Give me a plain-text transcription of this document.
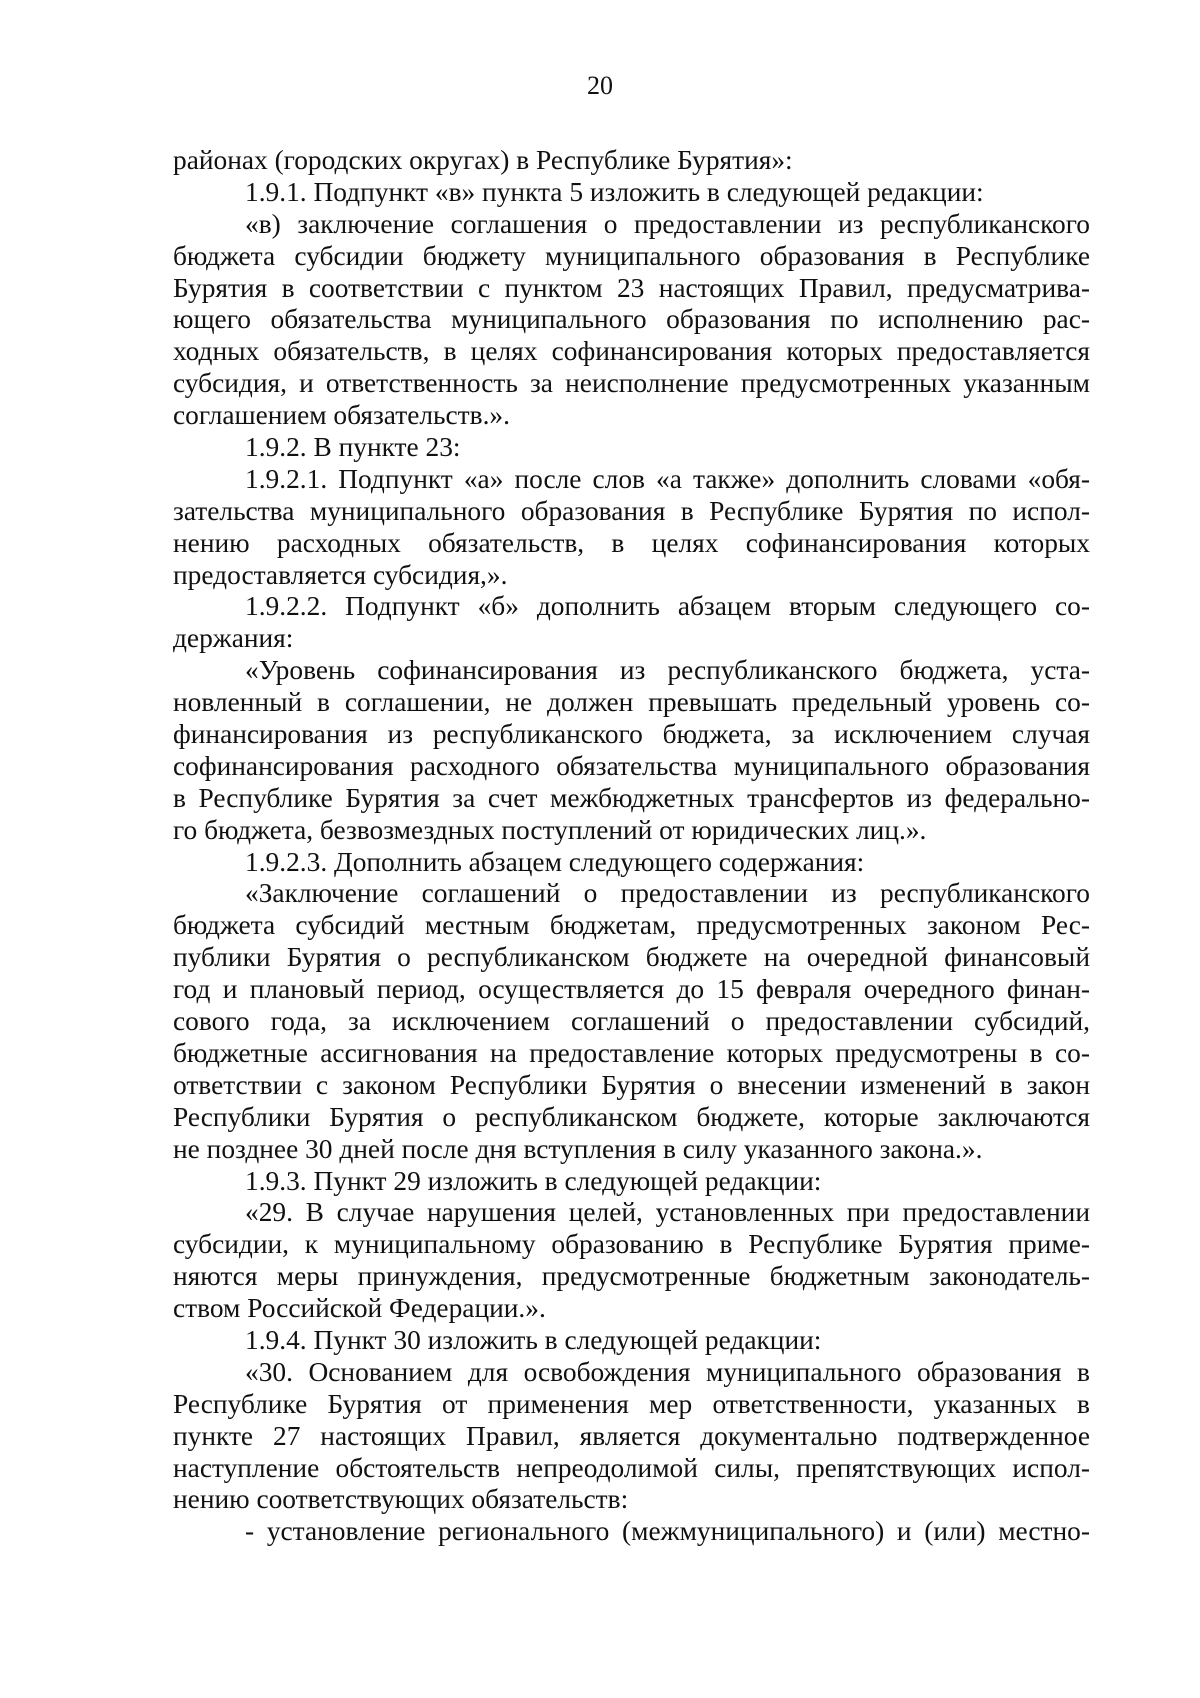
20
районах (городских округах) в Республике Бурятия»:
1.9.1. Подпункт «в» пункта 5 изложить в следующей редакции:
«в) заключение соглашения о предоставлении из республиканского
бюджета субсидии бюджету муниципального образования в Республике
Бурятия в соответствии с пунктом 23 настоящих Правил, предусматрива-
ющего обязательства муниципального образования по исполнению рас-
ходных обязательств, в целях софинансирования которых предоставляется
субсидия, и ответственность за неисполнение предусмотренных указанным
соглашением обязательств.».
1.9.2. В пункте 23:
1.9.2.1. Подпункт «а» после слов «а также» дополнить словами «обя-
зательства муниципального образования в Республике Бурятия по испол-
нению расходных обязательств, в целях софинансирования которых
предоставляется субсидия,».
1.9.2.2. Подпункт «б» дополнить абзацем вторым следующего со-
держания:
«Уровень софинансирования из республиканского бюджета, уста-
новленный в соглашении, не должен превышать предельный уровень со-
финансирования из республиканского бюджета, за исключением случая
софинансирования расходного обязательства муниципального образования
в Республике Бурятия за счет межбюджетных трансфертов из федерально-
го бюджета, безвозмездных поступлений от юридических лиц.».
1.9.2.3. Дополнить абзацем следующего содержания:
«Заключение соглашений о предоставлении из республиканского
бюджета субсидий местным бюджетам, предусмотренных законом Рес-
публики Бурятия о республиканском бюджете на очередной финансовый
год и плановый период, осуществляется до 15 февраля очередного финан-
сового года, за исключением соглашений о предоставлении субсидий,
бюджетные ассигнования на предоставление которых предусмотрены в со-
ответствии с законом Республики Бурятия о внесении изменений в закон
Республики Бурятия о республиканском бюджете, которые заключаются
не позднее 30 дней после дня вступления в силу указанного закона.».
1.9.3. Пункт 29 изложить в следующей редакции:
«29. В случае нарушения целей, установленных при предоставлении
субсидии, к муниципальному образованию в Республике Бурятия приме-
няются меры принуждения, предусмотренные бюджетным законодатель-
ством Российской Федерации.».
1.9.4. Пункт 30 изложить в следующей редакции:
«30. Основанием для освобождения муниципального образования в
Республике Бурятия от применения мер ответственности, указанных в
пункте 27 настоящих Правил, является документально подтвержденное
наступление обстоятельств непреодолимой силы, препятствующих испол-
нению соответствующих обязательств:
- установление регионального (межмуниципального) и (или) местно-
